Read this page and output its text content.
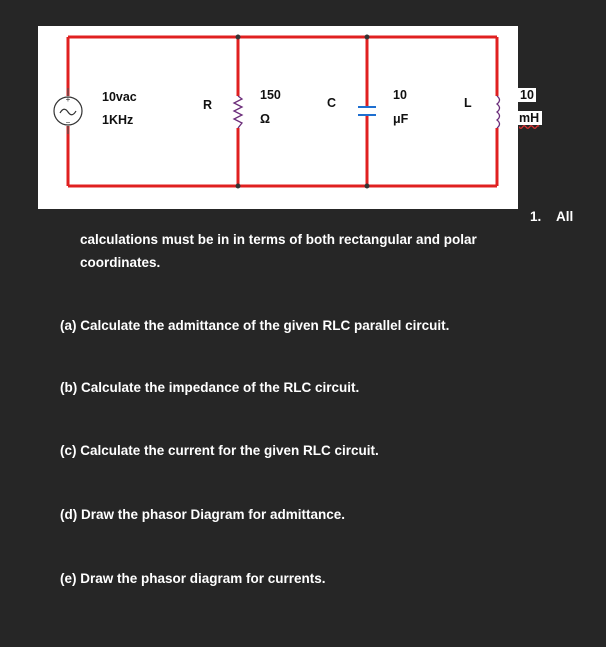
+
−
10vac
1KHz
R
150
Ω
C
10
μF
L
10
mH
1. All
calculations must be in in terms of both rectangular and polar
coordinates.
(a) Calculate the admittance of the given RLC parallel circuit.
(b) Calculate the impedance of the RLC circuit.
(c) Calculate the current for the given RLC circuit.
(d) Draw the phasor Diagram for admittance.
(e) Draw the phasor diagram for currents.
